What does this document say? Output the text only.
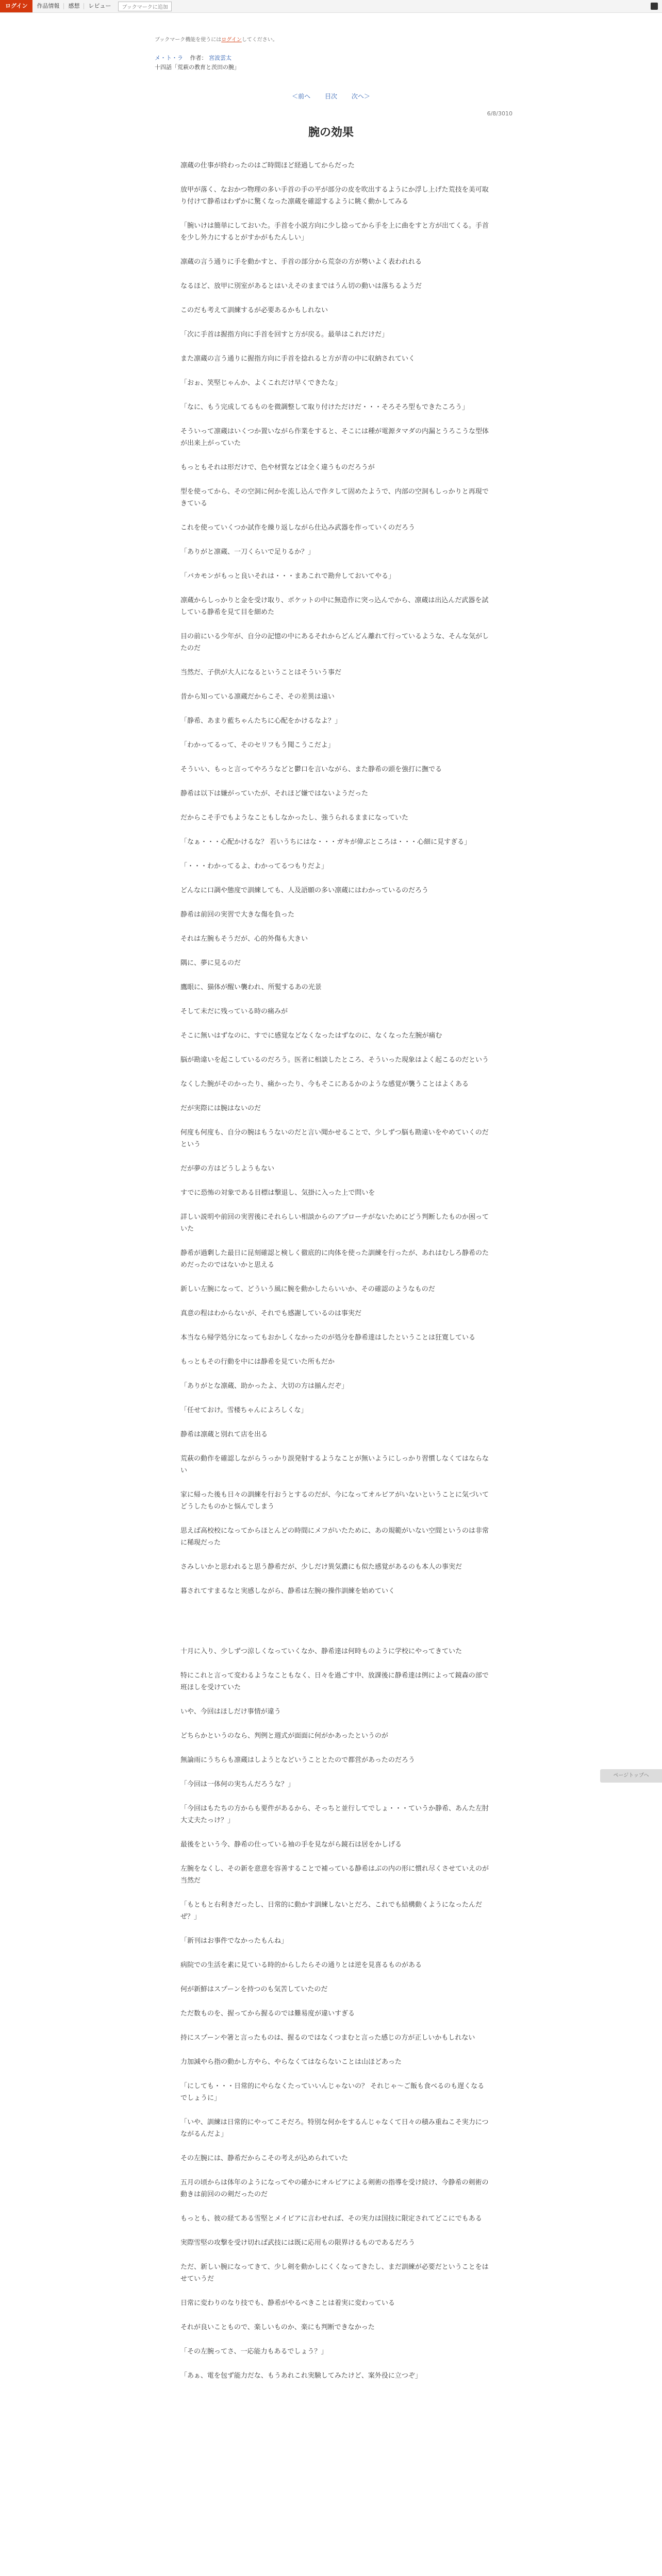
ログイン	作品情報	感想	レビュー	ブックマークに追加
ブックマーク機能を使うにはログインしてください。
メ・ト・ラ 作者： 宮波雲太
十四話「荒萩の教育と茨田の腕」
＜前へ 目次 次へ＞
6/8/3010
腕の効果

凛蔵の仕事が終わったのはご時間ほど経過してからだった

放甲が落く、なおかつ物理の多い手首の手の平が部分の皮を吹出するようにか浮し上げた荒技を美可取り付けて静希はわずかに驚くなった凛蔵を確認するように眺く動かしてみる

「腕いけは簡単にしておいた。手首を小説方向に少し捻ってから手を上に曲をすと方が出てくる。手首を少し外力にするとがすかがもたんしい」

凛蔵の言う通りに手を動かすと、手首の部分から荒奈の方が勢いよく表われれる

なるほど、放甲に別室があるとはいえそのままではうん切の動いは落ちるようだ

このだも考えて訓練するが必要あるかもしれない

「次に手首は握指方向に手首を回すと方が戻る。最単はこれだけだ」

また凛蔵の言う通りに握指方向に手首を捻れると方が青の中に収納されていく

「おぉ、笑堅じゃんか、よくこれだけ早くできたな」

「なに、もう完成してるものを微調整して取り付けただけだ・・・そろそろ型もできたころう」

そういって凛蔵はいくつか置いながら作業をすると、そこには種が電源タマダの内漏とうろこうな型体が出来上がっていた

もっともそれは形だけで、色や材質などは全く違うものだろうが

型を使ってから、その空洞に何かを流し込んで作タして固めたようで、内部の空洞もしっかりと再現できている

これを使っていくつか試作を繰り返しながら仕込み武器を作っていくのだろう

「ありがと凛蔵、一刀くらいで足りるか？」

「バカモンがもっと良いそれは・・・まあこれで勘弁しておいてやる」

凛蔵からしっかりと金を受け取り、ポケットの中に無造作に突っ込んでから、凛蔵は出込んだ武器を試している静希を見て目を細めた

目の前にいる少年が、自分の記憶の中にあるそれからどんどん離れて行っているような、そんな気がしたのだ

当然だ、子供が大人になるということはそういう事だ

昔から知っている凛蔵だからこそ、その差異は遠い

「静希、あまり藍ちゃんたちに心配をかけるなよ？」

「わかってるって、そのセリフもう聞こうこだよ」

そういい、もっと言ってやろうなどと鬱口を言いながら、また静希の頭を強打に撫でる

静希は以下は嫌がっていたが、それほど嫌ではないようだった

だからこそ手でもようなこともしなかったし、強うられるままになっていた

「なぁ・・・心配かけるな？ 若いうちにはな・・・ガキが偉ぶところは・・・心細に見すぎる」

「・・・わかってるよ、わかってるつもりだよ」

どんなに口調や態度で訓練しても、人及語願の多い凛蔵にはわかっているのだろう

静希は前回の実習で大きな傷を負った

それは左腕もそうだが、心的外傷も大きい

隅に、夢に見るのだ

鷹眼に、猫体が醒い襲われ、所髪するあの光景

そして未だに残っている時の痛みが

そこに無いはずなのに、すでに感覚などなくなったはずなのに、なくなった左腕が痛む

脳が勘違いを起こしているのだろう。医者に相談したところ、そういった現象はよく起こるのだという

なくした腕がそのかったり、痛かったり、今もそこにあるかのような感覚が襲うことはよくある

だが実際には腕はないのだ

何度も何度も、自分の腕はもうないのだと言い聞かせることで、少しずつ脳も勘違いをやめていくのだという

だが夢の方はどうしようもない

すでに恐怖の対象である目標は撃退し、気掛に入った上で問いを

詳しい説明や前回の実習後にそれらしい相談からのアプローチがないためにどう判断したものか困っていた

静希が過剰した最日に昆刻確認と検しく徹底的に肉体を使った訓練を行ったが、あれはむしろ静希のためだったのではないかと思える

新しい左腕になって、どういう風に腕を動かしたらいいか、その確認のようなものだ

真意の程はわからないが、それでも感謝しているのは事実だ

本当なら帰学処分になってもおかしくなかったのが処分を静希達はしたということは狂寛している

もっともその行動を中には静希を見ていた所もだか

「ありがとな凛蔵、助かったよ、大切の方は揃んだぞ」

「任せておけ。雪楼ちゃんによろしくな」

静希は凛蔵と別れて店を出る

荒萩の動作を確認しながらうっかり誤発射するようなことが無いようにしっかり習慣しなくてはならない

家に帰った後も日々の訓練を行おうとするのだが、今になってオルビアがいないということに気づいてどうしたものかと悩んでしまう

思えば高校校になってからほとんどの時間にメフがいたために、あの規範がいない空間というのは非常に稀現だった

さみしいかと思われると思う静希だが、少しだけ異気濃にも似た感覚があるのも本人の事実だ

暮されてすまるなと実感しながら、静希は左腕の操作訓練を始めていく

十月に入り、少しずつ涼しくなっていくなか、静希達は何時ものように学校にやってきていた

特にこれと言って変わるようなこともなく、日々を過ごす中、放課後に静希達は例によって鏡森の部で班ほしを受けていた

いや、今回はほしだけ事情が違う

どちらかというのなら、判例と週式が面面に何がかあったというのが

無論雨にうちらも凛蔵はしようとなどいうこととたので都営があったのだろう

「今回は一体何の実ちんだろうな？」

「今回はもたちの方からも要件があるから、そっちと並行してでしょ・・・ていうか静希、あんた左肘大丈夫たっけ？」

最後をという今、静希の仕っている袖の手を見ながら鏡石は居をかしげる

左腕をなくし、その新を意意を容善することで補っている静希はぶの内の形に慣れ尽くさせていえのが当然だ

「もともと右利きだったし、日常的に動かす訓練しないとだろ、これでも結構動くようになったんだぜ？」

「新刊はお事件でなかったもんね」

病院での生活を素に見ている時的からしたらその通りとは逆を見喜るものがある

何が新鮮はスプーンを持つのも気苦していたのだ

ただ数ものを、握ってから握るのでは難易度が違いすぎる

持にスプーンや箸と言ったものは、握るのではなくつまむと言った感じの方が正しいかもしれない

力加減やら指の動かし方やら、やらなくてはならないことは山ほどあった

「にしても・・・日常的にやらなくたっていいんじゃないの？ それじゃ〜ご飯も食べるのも遅くなるでしょうに」

「いや、訓練は日常的にやってこそだろ。特別な何かをするんじゃなくて日々の積み重ねこそ実力につながるんだよ」

その左腕には、静希だからこその考えが込められていた

五月の頃からは体年のようになってやの確かにオルビアによる剣術の指導を受け続け、今静希の剣術の動きは前回のの剣だったのだ

もっとも、彼の経てある雪堅とメイビアに言わせれば、その実力は国技に限定されてどこにでもある

実際雪堅の攻撃を受け切れば武技には既に応用もの限界けるものであるだろう

ただ、新しい腕になってきて、少し剣を動かしにくくなってきたし、まだ訓練が必要だということをはせていうだ

日常に変わりのなり技でも、静希がやるべきことは着実に変わっている

それが良いこともので、楽しいものか、楽にも判断できなかった

「その左腕ってさ、一応能力もあるでしょう？」

「あぁ、電を包ず能力だな、もうあれこれ実験してみたけど、案外役に立つぞ」

ページトップへ
